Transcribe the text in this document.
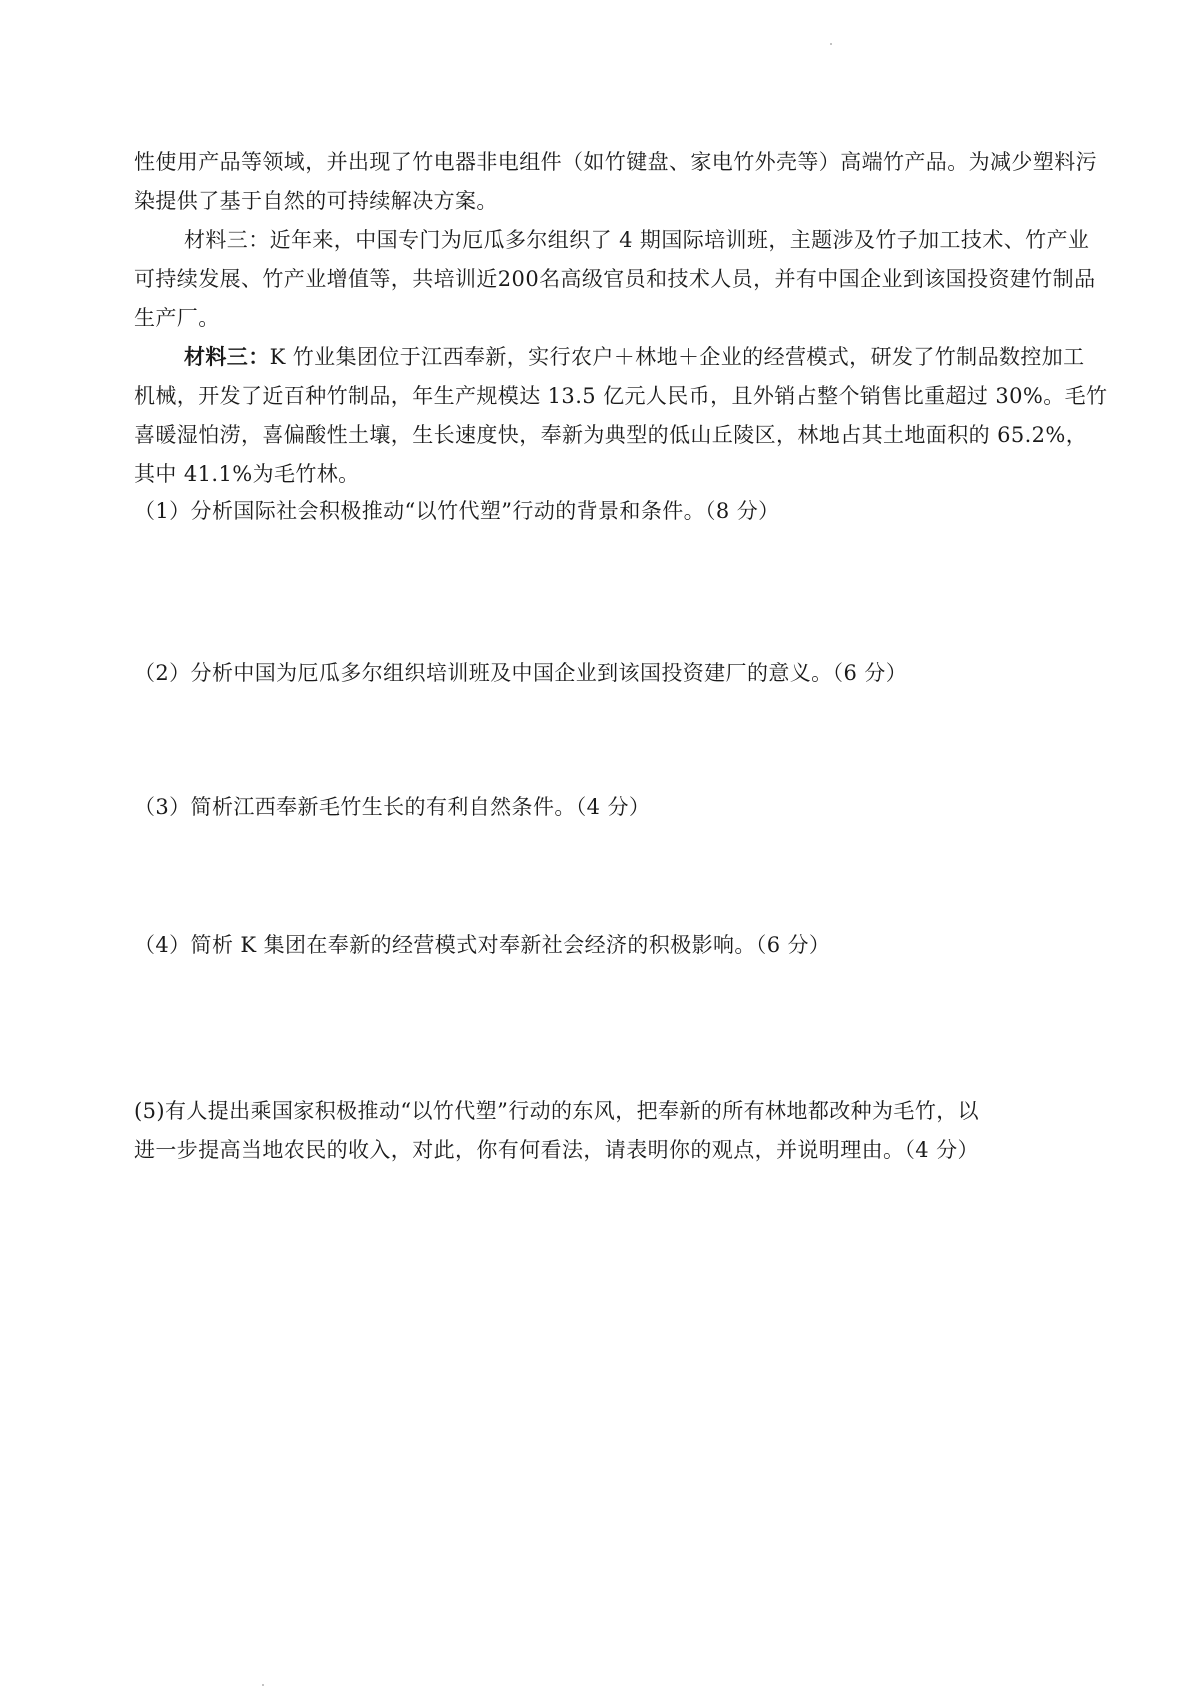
性使用产品等领域，并出现了竹电器非电组件（如竹键盘、家电竹外壳等）高端竹产品。为减少塑料污
染提供了基于自然的可持续解决方案。
材料三：近年来，中国专门为厄瓜多尔组织了 4 期国际培训班，主题涉及竹子加工技术、竹产业
可持续发展、竹产业增值等，共培训近200名高级官员和技术人员，并有中国企业到该国投资建竹制品
生产厂。
材料三：K 竹业集团位于江西奉新，实行农户＋林地＋企业的经营模式，研发了竹制品数控加工
机械，开发了近百种竹制品，年生产规模达 13.5 亿元人民币，且外销占整个销售比重超过 30%。毛竹
喜暖湿怕涝，喜偏酸性土壤，生长速度快，奉新为典型的低山丘陵区，林地占其土地面积的 65.2%，
其中 41.1%为毛竹林。
（1）分析国际社会积极推动“以竹代塑”行动的背景和条件。（8 分）
（2）分析中国为厄瓜多尔组织培训班及中国企业到该国投资建厂的意义。（6 分）
（3）简析江西奉新毛竹生长的有利自然条件。（4 分）
（4）简析 K 集团在奉新的经营模式对奉新社会经济的积极影响。（6 分）
(5)有人提出乘国家积极推动“以竹代塑”行动的东风，把奉新的所有林地都改种为毛竹，以
进一步提高当地农民的收入，对此，你有何看法，请表明你的观点，并说明理由。（4 分）
